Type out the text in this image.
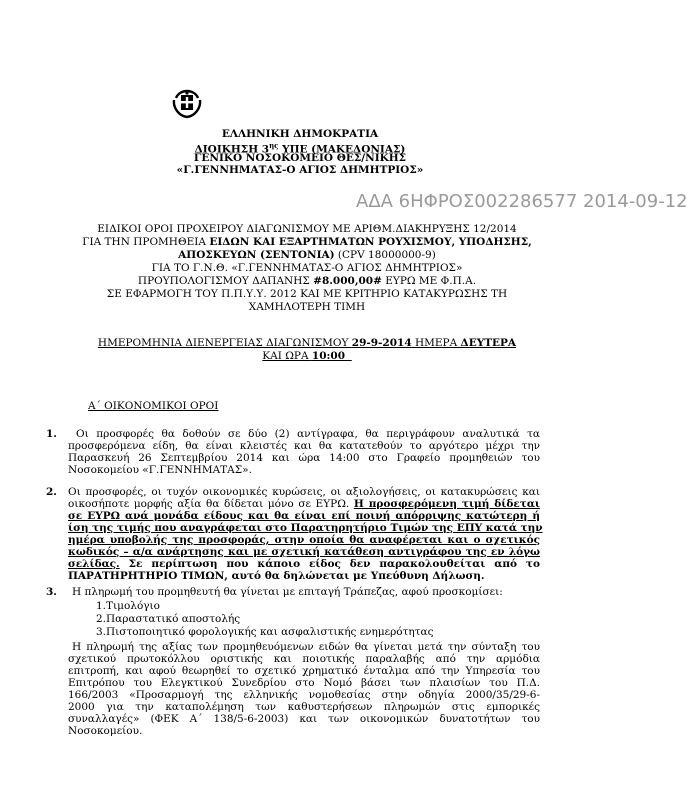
ΕΛΛΗΝΙΚΗ ΔΗΜΟΚΡΑΤΙΑ
ΔΙΟΙΚΗΣΗ $3^{\eta\varsigma}$ ΥΠΕ (ΜΑΚΕΔΟΝΙΑΣ)
ΓΕΝΙΚΟ ΝΟΣΟΚΟΜΕΙΟ ΘΕΣ/ΝΙΚΗΣ
«Γ.ΓΕΝΝΗΜΑΤΑΣ-Ο ΑΓΙΟΣ ΔΗΜΗΤΡΙΟΣ»
ΑΔΑ 6ΗΦΡΟΣ002286577 2014-09-12
ΕΙΔΙΚΟΙ ΟΡΟΙ ΠΡΟΧΕΙΡΟΥ ΔΙΑΓΩΝΙΣΜΟΥ ΜΕ ΑΡΙΘΜ.ΔΙΑΚΗΡΥΞΗΣ 12/2014
ΓΙΑ ΤΗΝ ΠΡΟΜΗΘΕΙΑ ΕΙΔΩΝ ΚΑΙ ΕΞΑΡΤΗΜΑΤΩΝ ΡΟΥΧΙΣΜΟΥ, ΥΠΟΔΗΣΗΣ,
ΑΠΟΣΚΕΥΩΝ (ΣΕΝΤΟΝΙΑ) (CPV 18000000-9)
ΓΙΑ ΤΟ Γ.Ν.Θ. «Γ.ΓΕΝΝΗΜΑΤΑΣ-Ο ΑΓΙΟΣ ΔΗΜΗΤΡΙΟΣ»
ΠΡΟΥΠΟΛΟΓΙΣΜΟΥ ΔΑΠΑΝΗΣ #8.000,00# ΕΥΡΩ ΜΕ Φ.Π.Α.
ΣΕ ΕΦΑΡΜΟΓΗ ΤΟΥ Π.Π.Υ.Υ. 2012 ΚΑΙ ΜΕ ΚΡΙΤΗΡΙΟ ΚΑΤΑΚΥΡΩΣΗΣ ΤΗ
ΧΑΜΗΛΟΤΕΡΗ ΤΙΜΗ
ΗΜΕΡΟΜΗΝΙΑ ΔΙΕΝΕΡΓΕΙΑΣ ΔΙΑΓΩΝΙΣΜΟΥ 29-9-2014 ΗΜΕΡΑ ΔΕΥΤΕΡΑ
ΚΑΙ ΩΡΑ 10:00
Α΄ ΟΙΚΟΝΟΜΙΚΟΙ ΟΡΟΙ
1.	Οι προσφορές θα δοθούν σε δύο (2) αντίγραφα, θα περιγράφουν αναλυτικά τα
προσφερόμενα είδη, θα είναι κλειστές και θα κατατεθούν το αργότερο μέχρι την
Παρασκευή 26 Σεπτεμβρίου 2014 και ώρα 14:00 στο Γραφείο προμηθειών του
Νοσοκομείου «Γ.ΓΕΝΝΗΜΑΤΑΣ».
2. Οι προσφορές, οι τυχόν οικονομικές κυρώσεις, οι αξιολογήσεις, οι κατακυρώσεις και
οικοσήποτε μορφής αξία θα δίδεται μόνο σε ΕΥΡΩ. Η προσφερόμενη τιμή δίδεται
σε ΕΥΡΩ ανά μονάδα είδους και θα είναι επί ποινή απόρριψης κατώτερη ή
ίση της τιμής που αναγράφεται στο Παρατηρητήριο Τιμών της ΕΠΥ κατά την
ημέρα υποβολής της προσφοράς, στην οποία θα αναφέρεται και ο σχετικός
κωδικός – α/α ανάρτησης και με σχετική κατάθεση αντιγράφου της εν λόγω
σελίδας. Σε περίπτωση που κάποιο είδος δεν παρακολουθείται από το
ΠΑΡΑΤΗΡΗΤΗΡΙΟ ΤΙΜΩΝ, αυτό θα δηλώνεται με Υπεύθυνη Δήλωση.
3.	Η πληρωμή του προμηθευτή θα γίνεται με επιταγή Τράπεζας, αφού προσκομίσει:
1.Τιμολόγιο
2.Παραστατικό αποστολής
3.Πιστοποιητικό φορολογικής και ασφαλιστικής ενημερότητας
Η πληρωμή της αξίας των προμηθευόμενων ειδών θα γίνεται μετά την σύνταξη του
σχετικού πρωτοκόλλου οριστικής και ποιοτικής παραλαβής από την αρμόδια
επιτροπή, και αφού θεωρηθεί το σχετικό χρηματικό ένταλμα από την Υπηρεσία του
Επιτρόπου του Ελεγκτικού Συνεδρίου στο Νομό βάσει των πλαισίων του Π.Δ.
166/2003 «Προσαρμογή της ελληνικής νομοθεσίας στην οδηγία 2000/35/29-6-
2000 για την καταπολέμηση των καθυστερήσεων πληρωμών στις εμπορικές
συναλλαγές» (ΦΕΚ Α΄ 138/5-6-2003) και των οικονομικών δυνατοτήτων του
Νοσοκομείου.
